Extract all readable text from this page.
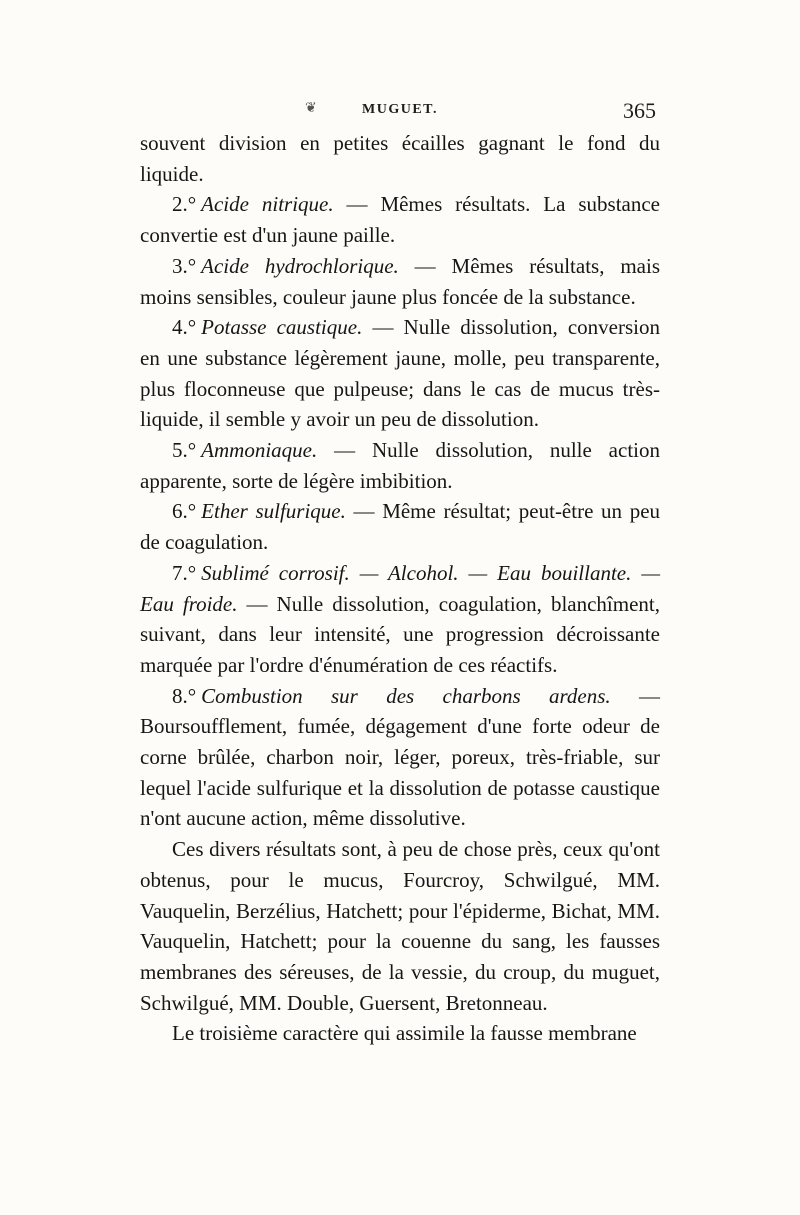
❦	MUGUET.	365

souvent division en petites écailles gagnant le fond du liquide.

2.° Acide nitrique. — Mêmes résultats. La substance convertie est d'un jaune paille.

3.° Acide hydrochlorique. — Mêmes résultats, mais moins sensibles, couleur jaune plus foncée de la substance.

4.° Potasse caustique. — Nulle dissolution, conversion en une substance légèrement jaune, molle, peu transparente, plus floconneuse que pulpeuse; dans le cas de mucus très-liquide, il semble y avoir un peu de dissolution.

5.° Ammoniaque. — Nulle dissolution, nulle action apparente, sorte de légère imbibition.

6.° Ether sulfurique. — Même résultat; peut-être un peu de coagulation.

7.° Sublimé corrosif. — Alcohol. — Eau bouillante. — Eau froide. — Nulle dissolution, coagulation, blanchîment, suivant, dans leur intensité, une progression décroissante marquée par l'ordre d'énumération de ces réactifs.

8.° Combustion sur des charbons ardens. — Boursoufflement, fumée, dégagement d'une forte odeur de corne brûlée, charbon noir, léger, poreux, très-friable, sur lequel l'acide sulfurique et la dissolution de potasse caustique n'ont aucune action, même dissolutive.

Ces divers résultats sont, à peu de chose près, ceux qu'ont obtenus, pour le mucus, Fourcroy, Schwilgué, MM. Vauquelin, Berzélius, Hatchett; pour l'épiderme, Bichat, MM. Vauquelin, Hatchett; pour la couenne du sang, les fausses membranes des séreuses, de la vessie, du croup, du muguet, Schwilgué, MM. Double, Guersent, Bretonneau.

Le troisième caractère qui assimile la fausse membrane
